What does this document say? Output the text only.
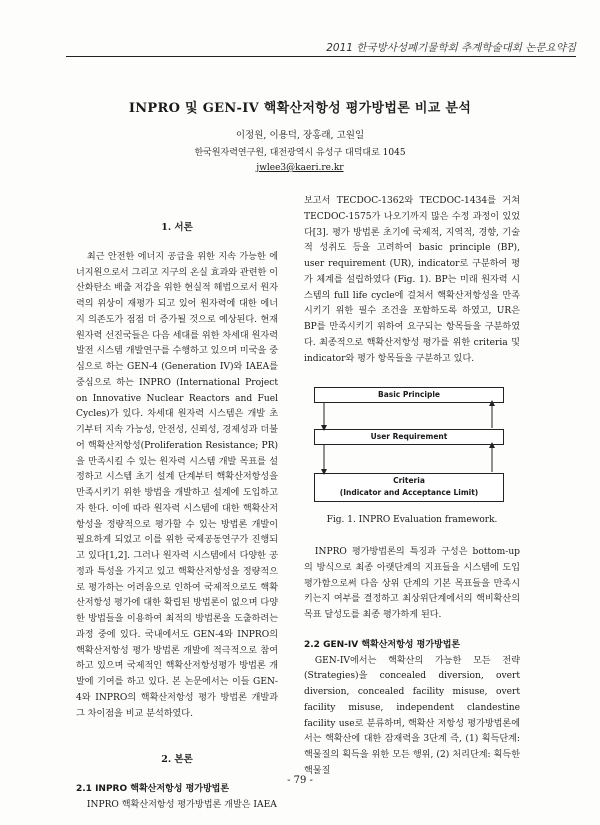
2011 한국방사성폐기물학회 추계학술대회 논문요약집
INPRO 및 GEN-IV 핵확산저항성 평가방법론 비교 분석
이정원, 이용덕, 장홍래, 고원일
한국원자력연구원, 대전광역시 유성구 대덕대로 1045
jwlee3@kaeri.re.kr
1. 서론

최근 안전한 에너지 공급을 위한 지속 가능한 에너지원으로서 그리고 지구의 온실 효과와 관련한 이산화탄소 배출 저감을 위한 현실적 해법으로서 원자력의 위상이 재평가 되고 있어 원자력에 대한 에너지 의존도가 점점 더 증가될 것으로 예상된다. 현재 원자력 선진국들은 다음 세대를 위한 차세대 원자력 발전 시스템 개발연구를 수행하고 있으며 미국을 중심으로 하는 GEN-4 (Generation IV)와 IAEA를 중심으로 하는 INPRO (International Project on Innovative Nuclear Reactors and Fuel Cycles)가 있다. 차세대 원자력 시스템은 개발 초기부터 지속 가능성, 안전성, 신뢰성, 경제성과 더불어 핵확산저항성(Proliferation Resistance; PR)을 만족시킬 수 있는 원자력 시스템 개발 목표를 설정하고 시스템 초기 설계 단계부터 핵확산저항성을 만족시키기 위한 방법을 개발하고 설계에 도입하고자 한다. 이에 따라 원자력 시스템에 대한 핵확산저항성을 정량적으로 평가할 수 있는 방법론 개발이 필요하게 되었고 이를 위한 국제공동연구가 진행되고 있다[1,2]. 그러나 원자력 시스템에서 다양한 공정과 특성을 가지고 있고 핵확산저항성을 정량적으로 평가하는 어려움으로 인하여 국제적으로도 핵확산저항성 평가에 대한 확립된 방법론이 없으며 다양한 방법들을 이용하여 최적의 방법론을 도출하려는 과정 중에 있다. 국내에서도 GEN-4와 INPRO의 핵확산저항성 평가 방법론 개발에 적극적으로 참여하고 있으며 국제적인 핵확산저항성평가 방법론 개발에 기여를 하고 있다. 본 논문에서는 이들 GEN-4와 INPRO의 핵확산저항성 평가 방법론 개발과 그 차이점을 비교 분석하였다.

2. 본론
2.1 INPRO 핵확산저항성 평가방법론

INPRO 핵확산저항성 평가방법론 개발은 IAEA

보고서 TECDOC-1362와 TECDOC-1434를 거쳐 TECDOC-1575가 나오기까지 많은 수정 과정이 있었다[3]. 평가 방법론 초기에 국제적, 지역적, 경향, 기술적 성취도 등을 고려하여 basic principle (BP), user requirement (UR), indicator로 구분하여 평가 체계를 설립하였다 (Fig. 1). BP는 미래 원자력 시스템의 full life cycle에 걸쳐서 핵확산저항성을 만족시키기 위한 필수 조건을 포함하도록 하였고, UR은 BP를 만족시키기 위하여 요구되는 항목들을 구분하였다. 최종적으로 핵확산저항성 평가를 위한 criteria 및 indicator와 평가 항목들을 구분하고 있다.

Basic Principle
User Requirement
Criteria
(Indicator and Acceptance Limit)
Fig. 1. INPRO Evaluation framework.

INPRO 평가방법론의 특징과 구성은 bottom-up의 방식으로 최종 아랫단계의 지표들을 시스템에 도입 평가함으로써 다음 상위 단계의 기본 목표들을 만족시키는지 여부를 결정하고 최상위단계에서의 핵비확산의 목표 달성도를 최종 평가하게 된다.

2.2 GEN-IV 핵확산저항성 평가방법론

GEN-IV에서는 핵확산의 가능한 모든 전략(Strategies)을 concealed diversion, overt diversion, concealed facility misuse, overt facility misuse, independent clandestine facility use로 분류하며, 핵확산 저항성 평가방법론에서는 핵확산에 대한 잠재력을 3단계 즉, (1) 획득단계: 핵물질의 획득을 위한 모든 행위, (2) 처리단계: 획득한 핵물질

- 79 -
